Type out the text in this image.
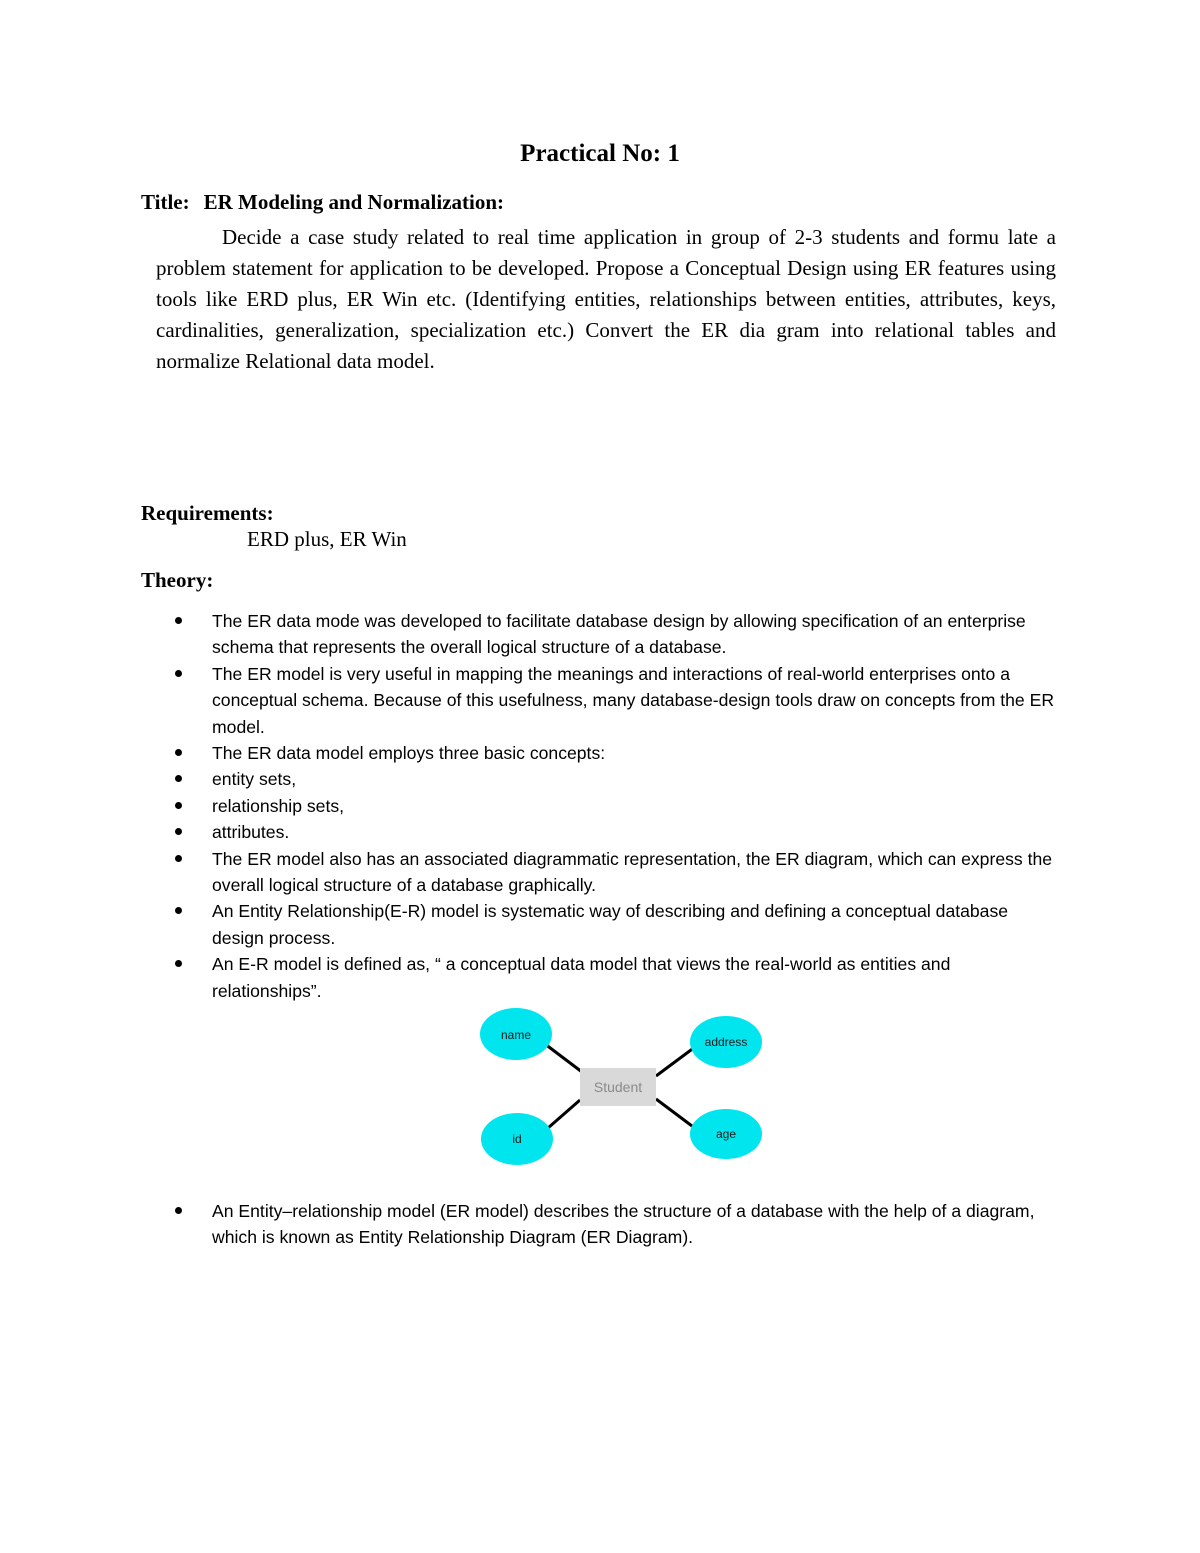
Practical No: 1
Title: ER Modeling and Normalization:

Decide a case study related to real time application in group of 2-3 students and formu late a problem statement for application to be developed. Propose a Conceptual Design using ER features using tools like ERD plus, ER Win etc. (Identifying entities, relationships between entities, attributes, keys, cardinalities, generalization, specialization etc.) Convert the ER dia gram into relational tables and normalize Relational data model.

Requirements:
ERD plus, ER Win
Theory:
The ER data mode was developed to facilitate database design by allowing specification of an enterprise schema that represents the overall logical structure of a database.
The ER model is very useful in mapping the meanings and interactions of real-world enterprises onto a conceptual schema. Because of this usefulness, many database-design tools draw on concepts from the ER model.
The ER data model employs three basic concepts:
entity sets,
relationship sets,
attributes.
The ER model also has an associated diagrammatic representation, the ER diagram, which can express the overall logical structure of a database graphically.
An Entity Relationship(E-R) model is systematic way of describing and defining a conceptual database design process.
An E-R model is defined as, “ a conceptual data model that views the real-world as entities and relationships”.
Student
name	address
id	age
An Entity–relationship model (ER model) describes the structure of a database with the help of a diagram, which is known as Entity Relationship Diagram (ER Diagram).
